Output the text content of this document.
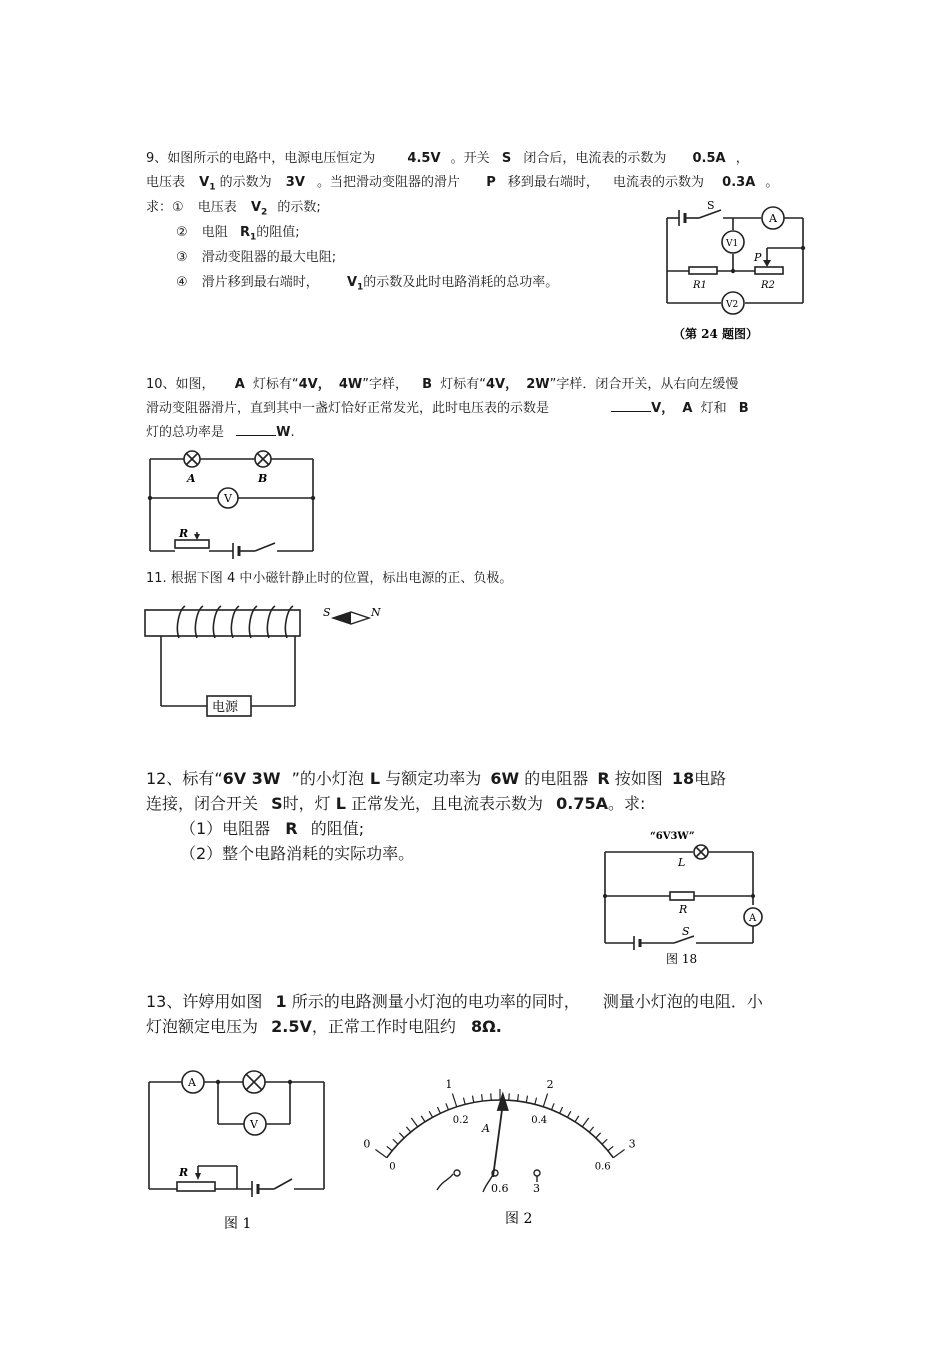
9、如图所示的电路中，电源电压恒定为 4.5V 。开关 S 闭合后，电流表的示数为 0.5A ，
电压表 $V_1$ 的示数为 3V 。当把滑动变阻器的滑片 P 移到最右端时， 电流表的示数为 0.3A 。
求：① 电压表 $V_2$ 的示数;
② 电阻 $R_1$的阻值;
③ 滑动变阻器的最大电阻;
④ 滑片移到最右端时， $V_1$的示数及此时电路消耗的总功率。
S
A
V1
P
R1	R2
V2
（第 24 题图）
10、如图， A 灯标有“4V， 4W”字样， B 灯标有“4V， 2W”字样．闭合开关，从右向左缓慢
滑动变阻器滑片，直到其中一盏灯恰好正常发光，此时电压表的示数是	V， A 灯和 B
灯的总功率是	W.
A	B
V
R
11. 根据下图 4 中小磁针静止时的位置，标出电源的正、负极。
S	N
电源
12、标有“6V 3W ”的小灯泡 L 与额定功率为 6W 的电阻器 R 按如图 18电路
连接，闭合开关 S时，灯 L 正常发光，且电流表示数为 0.75A。求:
（1）电阻器 R 的阻值;
（2）整个电路消耗的实际功率。
“6V3W”
L
R
A
S
图 18
13、许婷用如图 1 所示的电路测量小灯泡的电功率的同时， 测量小灯泡的电阻．小
灯泡额定电压为 2.5V，正常工作时电阻约 8Ω.
A
V
R
图 1
0
1	2
3
0
0.2	0.4
0.6
A
0.6 3
图 2
